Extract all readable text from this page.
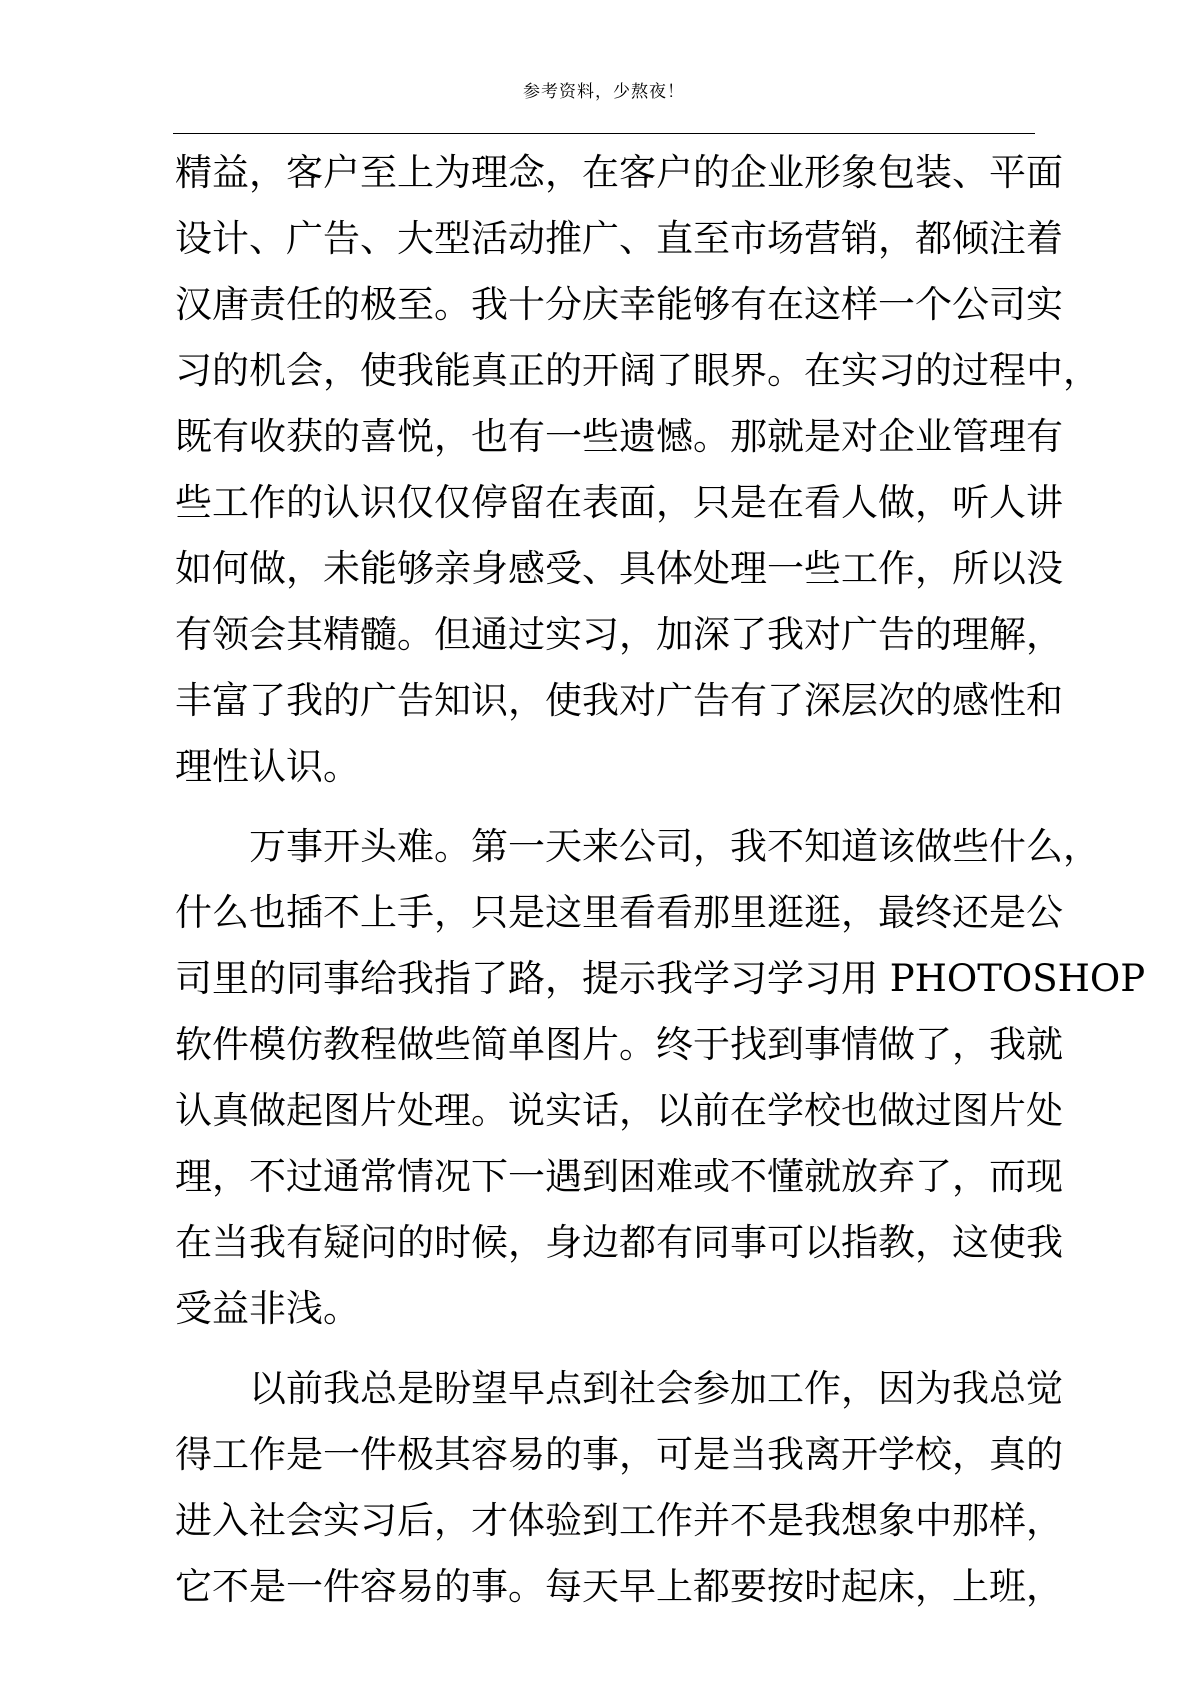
参考资料，少熬夜！
精益，客户至上为理念，在客户的企业形象包装、平面
设计、广告、大型活动推广、直至市场营销，都倾注着
汉唐责任的极至。我十分庆幸能够有在这样一个公司实
习的机会，使我能真正的开阔了眼界。在实习的过程中，
既有收获的喜悦，也有一些遗憾。那就是对企业管理有
些工作的认识仅仅停留在表面，只是在看人做，听人讲
如何做，未能够亲身感受、具体处理一些工作，所以没
有领会其精髓。但通过实习，加深了我对广告的理解，
丰富了我的广告知识，使我对广告有了深层次的感性和
理性认识。
万事开头难。第一天来公司，我不知道该做些什么，
什么也插不上手，只是这里看看那里逛逛，最终还是公
司里的同事给我指了路，提示我学习学习用 PHOTOSHOP
软件模仿教程做些简单图片。终于找到事情做了，我就
认真做起图片处理。说实话，以前在学校也做过图片处
理，不过通常情况下一遇到困难或不懂就放弃了，而现
在当我有疑问的时候，身边都有同事可以指教，这使我
受益非浅。
以前我总是盼望早点到社会参加工作，因为我总觉
得工作是一件极其容易的事，可是当我离开学校，真的
进入社会实习后，才体验到工作并不是我想象中那样，
它不是一件容易的事。每天早上都要按时起床，上班，
